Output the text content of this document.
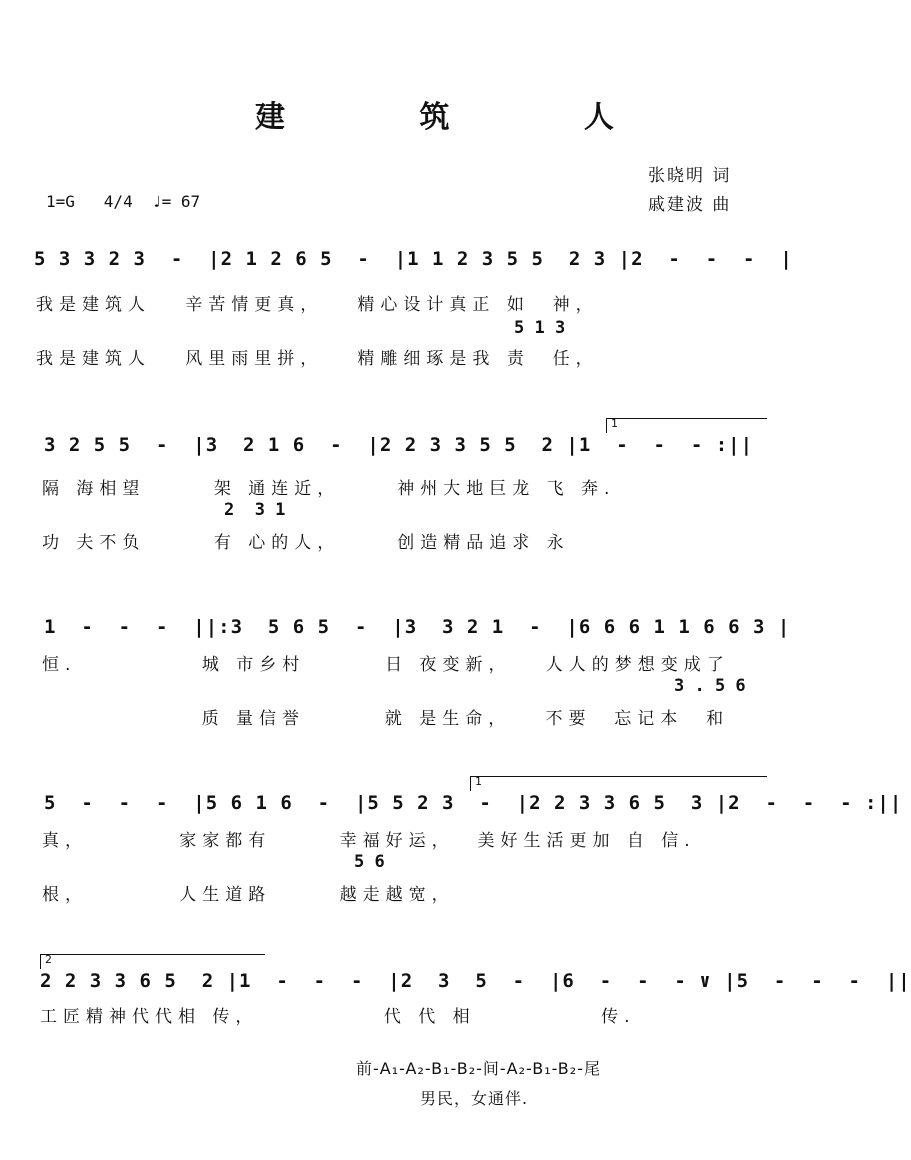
建 筑 人
张晓明 词
戚建波 曲
1=G   4/4  ♩= 67
5 3 3 2 3  -  |2 1 2 6 5  -  |1 1 2 3 5 5  2 3 |2  -  -  -  |
我是建筑人   辛苦情更真，   精心设计真正 如  神，
5 1 3
我是建筑人   风里雨里拼，   精雕细琢是我 责  任，
1
3 2 5 5  -  |3  2 1 6  -  |2 2 3 3 5 5  2 |1  -  -  - :||
隔 海相望      架 通连近，     神州大地巨龙 飞 奔.
2  3 1
功 夫不负      有 心的人，     创造精品追求 永
1  -  -  -  ||:3  5 6 5  -  |3  3 2 1  -  |6 6 6 1 1 6 6 3 |
恒.           城 市乡村       日 夜变新，   人人的梦想变成了
3 . 5 6
质 量信誉       就 是生命，   不要  忘记本  和
1
5  -  -  -  |5 6 1 6  -  |5 5 2 3  -  |2 2 3 3 6 5  3 |2  -  -  - :||
真，        家家都有      幸福好运，  美好生活更加 自 信.
5 6
根，        人生道路      越走越宽，
2
2 2 3 3 6 5  2 |1  -  -  -  |2  3  5  -  |6  -  -  - ∨ |5  -  -  -  ||
工匠精神代代相 传，           代 代 相           传.
前-A₁-A₂-B₁-B₂-间-A₂-B₁-B₂-尾
男民，女通伴.
